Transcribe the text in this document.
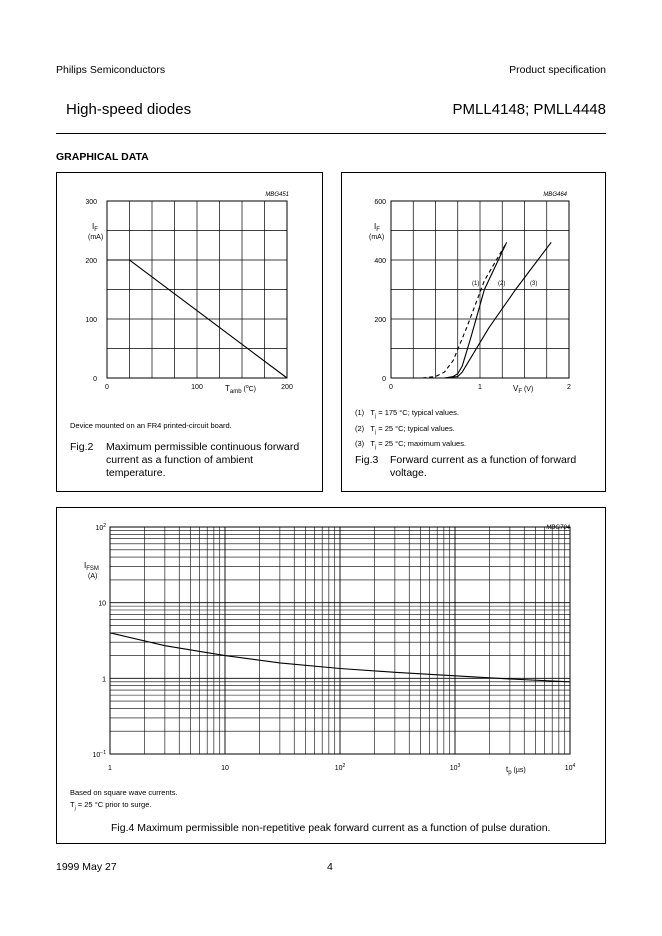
Philips Semiconductors	Product specification
High-speed diodes	PMLL4148; PMLL4448
GRAPHICAL DATA
MBG451
300
200
100
0
$I_F$
(mA)
0	100	200
$T_{amb}$ ($^o$C)
Device mounted on an FR4 printed-circuit board.
Fig.2 Maximum permissible continuous forward current as a function of ambient temperature.
MBG464
600
400
200
0
$I_F$
(mA)
0	1	2
$V_F$ (V)
(1)	(2)	(3)
(1)   $T_j = 175$ °C; typical values.
(2)   $T_j = 25$ °C; typical values.
(3)   $T_j = 25$ °C; maximum values.
Fig.3 Forward current as a function of forward voltage.
MBG704
$I_{FSM}$
(A)
$t_p$ (µs)
$10^{-1}$
1
10
$10^2$
1	10	$10^2$	$10^3$	$10^4$
Based on square wave currents.
$T_j = 25$ °C prior to surge.
Fig.4 Maximum permissible non-repetitive peak forward current as a function of pulse duration.
1999 May 27	4
